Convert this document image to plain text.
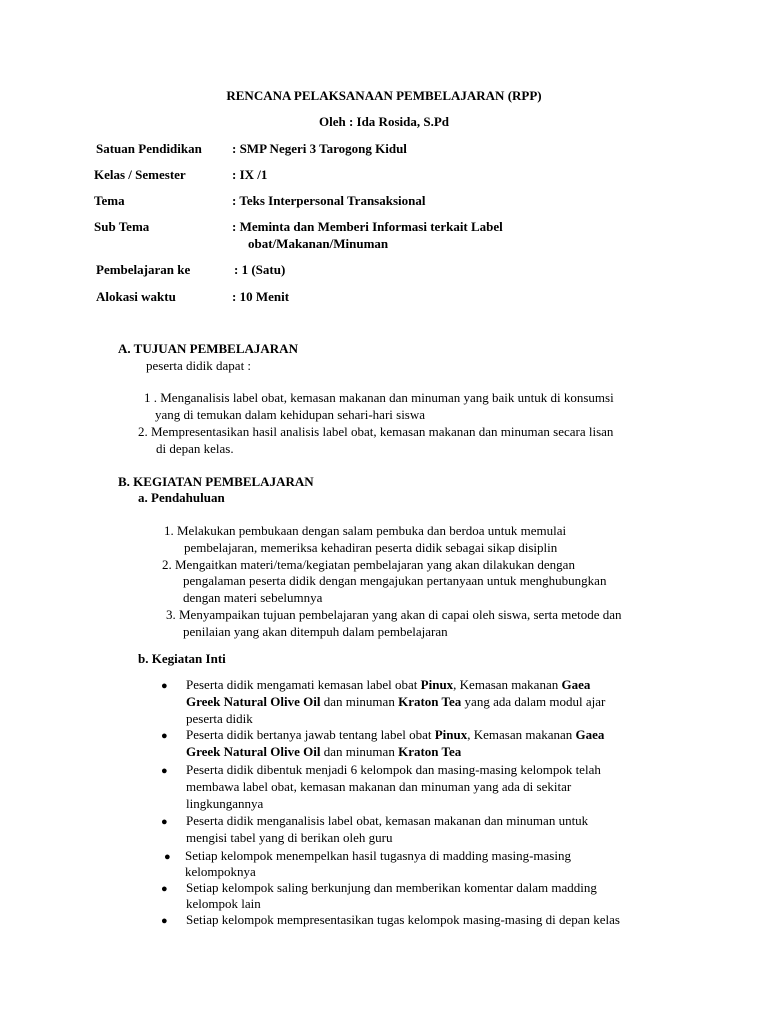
RENCANA PELAKSANAAN PEMBELAJARAN (RPP)
Oleh : Ida Rosida, S.Pd
Satuan Pendidikan : SMP Negeri 3 Tarogong Kidul
Kelas / Semester	: IX /1
Tema	: Teks Interpersonal Transaksional
Sub Tema	: Meminta dan Memberi Informasi terkait Label
obat/Makanan/Minuman
Pembelajaran ke	: 1 (Satu)
Alokasi waktu	: 10 Menit
A. TUJUAN PEMBELAJARAN
peserta didik dapat :
1 . Menganalisis label obat, kemasan makanan dan minuman yang baik untuk di konsumsi
yang di temukan dalam kehidupan sehari-hari siswa
2. Mempresentasikan hasil analisis label obat, kemasan makanan dan minuman secara lisan
di depan kelas.
B. KEGIATAN PEMBELAJARAN
a. Pendahuluan
1. Melakukan pembukaan dengan salam pembuka dan berdoa untuk memulai
pembelajaran, memeriksa kehadiran peserta didik sebagai sikap disiplin
2. Mengaitkan materi/tema/kegiatan pembelajaran yang akan dilakukan dengan
pengalaman peserta didik dengan mengajukan pertanyaan untuk menghubungkan
dengan materi sebelumnya
3. Menyampaikan tujuan pembelajaran yang akan di capai oleh siswa, serta metode dan
penilaian yang akan ditempuh dalam pembelajaran
b. Kegiatan Inti
●
Peserta didik mengamati kemasan label obat Pinux, Kemasan makanan Gaea
Greek Natural Olive Oil dan minuman Kraton Tea yang ada dalam modul ajar
peserta didik
●
Peserta didik bertanya jawab tentang label obat Pinux, Kemasan makanan Gaea
Greek Natural Olive Oil dan minuman Kraton Tea
●
Peserta didik dibentuk menjadi 6 kelompok dan masing-masing kelompok telah
membawa label obat, kemasan makanan dan minuman yang ada di sekitar
lingkungannya
●
Peserta didik menganalisis label obat, kemasan makanan dan minuman untuk
mengisi tabel yang di berikan oleh guru
●
Setiap kelompok menempelkan hasil tugasnya di madding masing-masing
kelompoknya
●
Setiap kelompok saling berkunjung dan memberikan komentar dalam madding
kelompok lain
●
Setiap kelompok mempresentasikan tugas kelompok masing-masing di depan kelas
